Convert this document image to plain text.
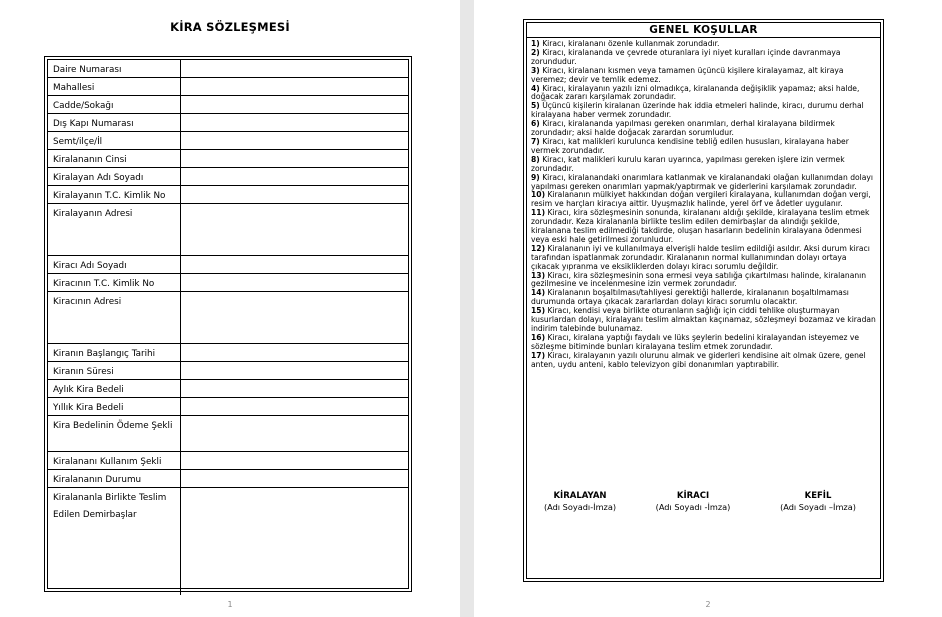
KİRA SÖZLEŞMESİ
Daire Numarası
Mahallesi
Cadde/Sokağı
Dış Kapı Numarası
Semt/ilçe/İl
Kiralananın Cinsi
Kiralayan Adı Soyadı
Kiralayanın T.C. Kimlik No
Kiralayanın Adresi
Kiracı Adı Soyadı
Kiracının T.C. Kimlik No
Kiracının Adresi
Kiranın Başlangıç Tarihi
Kiranın Süresi
Aylık Kira Bedeli
Yıllık Kira Bedeli
Kira Bedelinin Ödeme Şekli
Kiralananı Kullanım Şekli
Kiralananın Durumu
Kiralananla Birlikte Teslim Edilen Demirbaşlar
1
GENEL KOŞULLAR

1) Kiracı, kiralananı özenle kullanmak zorundadır.

2) Kiracı, kiralananda ve çevrede oturanlara iyi niyet kuralları içinde davranmaya zorundudur.

3) Kiracı, kiralananı kısmen veya tamamen üçüncü kişilere kiralayamaz, alt kiraya veremez; devir ve temlik edemez.

4) Kiracı, kiralayanın yazılı izni olmadıkça, kiralananda değişiklik yapamaz; aksi halde, doğacak zararı karşılamak zorundadır.

5) Üçüncü kişilerin kiralanan üzerinde hak iddia etmeleri halinde, kiracı, durumu derhal kiralayana haber vermek zorundadır.

6) Kiracı, kiralananda yapılması gereken onarımları, derhal kiralayana bildirmek zorundadır; aksi halde doğacak zarardan sorumludur.

7) Kiracı, kat malikleri kurulunca kendisine tebliğ edilen hususları, kiralayana haber vermek zorundadır.

8) Kiracı, kat malikleri kurulu kararı uyarınca, yapılması gereken işlere izin vermek zorundadır.

9) Kiracı, kiralanandaki onarımlara katlanmak ve kiralanandaki olağan kullanımdan dolayı yapılması gereken onarımları yapmak/yaptırmak ve giderlerini karşılamak zorundadır.

10) Kiralananın mülkiyet hakkından doğan vergileri kiralayana, kullanımdan doğan vergi, resim ve harçları kiracıya aittir. Uyuşmazlık halinde, yerel örf ve âdetler uygulanır.

11) Kiracı, kira sözleşmesinin sonunda, kiralananı aldığı şekilde, kiralayana teslim etmek zorundadır. Keza kiralananla birlikte teslim edilen demirbaşlar da alındığı şekilde, kiralanana teslim edilmediği takdirde, oluşan hasarların bedelinin kiralayana ödenmesi veya eski hale getirilmesi zorunludur.

12) Kiralananın iyi ve kullanılmaya elverişli halde teslim edildiği asıldır. Aksi durum kiracı tarafından ispatlanmak zorundadır. Kiralananın normal kullanımından dolayı ortaya çıkacak yıpranma ve eksikliklerden dolayı kiracı sorumlu değildir.

13) Kiracı, kira sözleşmesinin sona ermesi veya satılığa çıkartılması halinde, kiralananın gezilmesine ve incelenmesine izin vermek zorundadır.

14) Kiralananın boşaltılması/tahliyesi gerektiği hallerde, kiralananın boşaltılmaması durumunda ortaya çıkacak zararlardan dolayı kiracı sorumlu olacaktır.

15) Kiracı, kendisi veya birlikte oturanların sağlığı için ciddi tehlike oluşturmayan kusurlardan dolayı, kiralayanı teslim almaktan kaçınamaz, sözleşmeyi bozamaz ve kiradan indirim talebinde bulunamaz.

16) Kiracı, kiralana yaptığı faydalı ve lüks şeylerin bedelini kiralayandan isteyemez ve sözleşme bitiminde bunları kiralayana teslim etmek zorundadır.

17) Kiracı, kiralayanın yazılı olurunu almak ve giderleri kendisine ait olmak üzere, genel anten, uydu anteni, kablo televizyon gibi donanımları yaptırabilir.

KİRALAYAN
(Adı Soyadı-İmza)
KİRACI
(Adı Soyadı -İmza)
KEFİL
(Adı Soyadı –İmza)
2
